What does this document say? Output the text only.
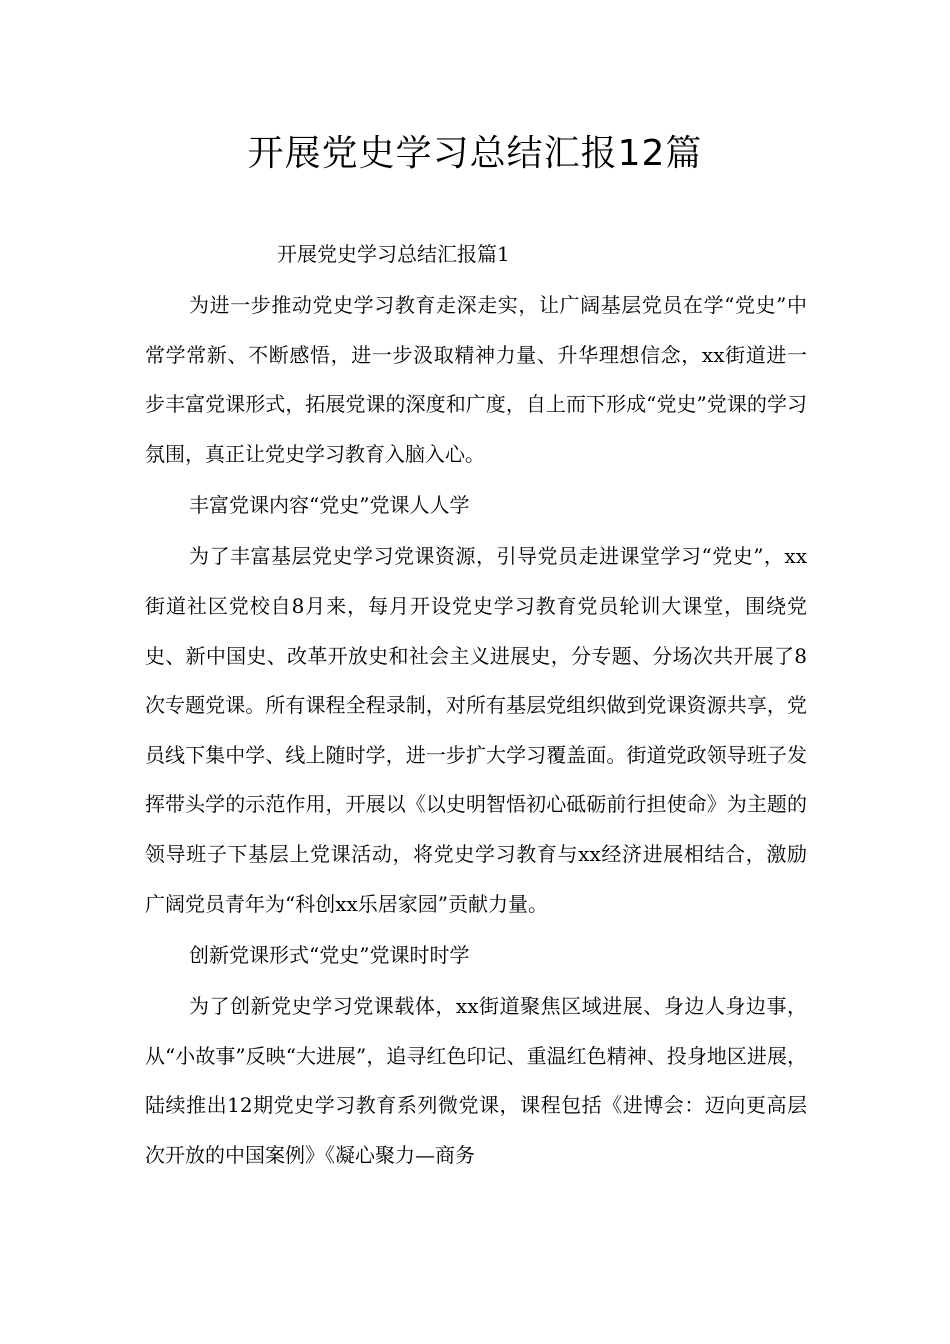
开展党史学习总结汇报12篇

开展党史学习总结汇报篇1

为进一步推动党史学习教育走深走实，让广阔基层党员在学“党史”中常学常新、不断感悟，进一步汲取精神力量、升华理想信念，xx街道进一步丰富党课形式，拓展党课的深度和广度，自上而下形成“党史”党课的学习氛围，真正让党史学习教育入脑入心。

丰富党课内容“党史”党课人人学

为了丰富基层党史学习党课资源，引导党员走进课堂学习“党史”，xx街道社区党校自8月来，每月开设党史学习教育党员轮训大课堂，围绕党史、新中国史、改革开放史和社会主义进展史，分专题、分场次共开展了8次专题党课。所有课程全程录制，对所有基层党组织做到党课资源共享，党员线下集中学、线上随时学，进一步扩大学习覆盖面。街道党政领导班子发挥带头学的示范作用，开展以《以史明智悟初心砥砺前行担使命》为主题的领导班子下基层上党课活动，将党史学习教育与xx经济进展相结合，激励广阔党员青年为“科创xx乐居家园”贡献力量。

创新党课形式“党史”党课时时学

为了创新党史学习党课载体，xx街道聚焦区域进展、身边人身边事，从“小故事”反映“大进展”，追寻红色印记、重温红色精神、投身地区进展，陆续推出12期党史学习教育系列微党课，课程包括《进博会：迈向更高层次开放的中国案例》《凝心聚力—商务
